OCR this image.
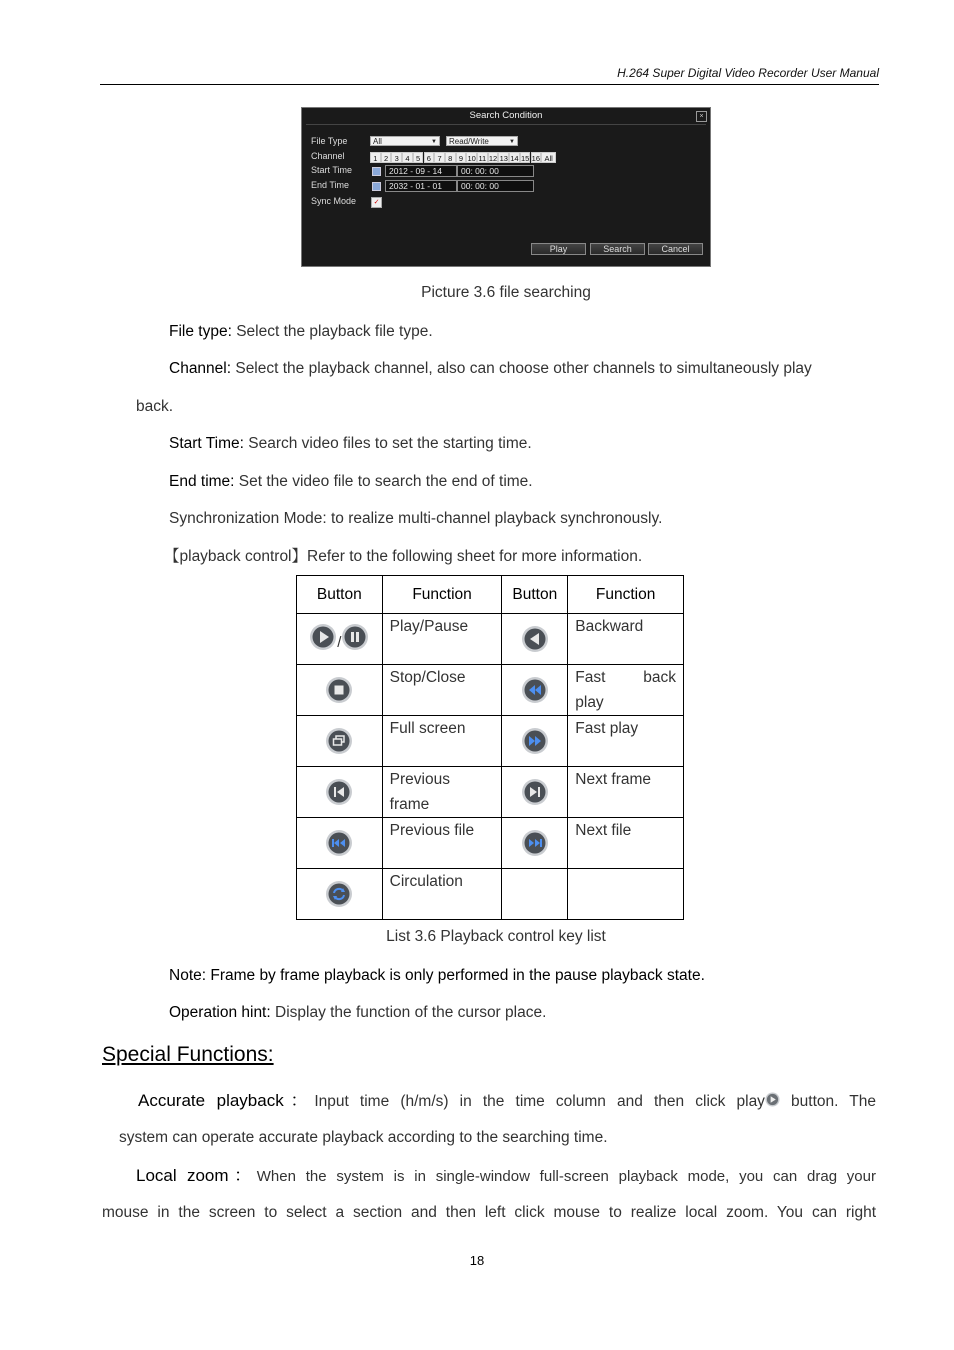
H.264 Super Digital Video Recorder User Manual
Search Condition	×
File Type	All	▼	Read/Write	▼
Channel	1 2 3 4 5 6 7 8 9 10 11 12 13 14 15 16 All
Start Time	2012 - 09 - 14	00: 00: 00
End Time	2032 - 01 - 01	00: 00: 00
Sync Mode	✓
Play	Search	Cancel
Picture 3.6 file searching
File type: Select the playback file type.
Channel: Select the playback channel, also can choose other channels to simultaneously play
back.
Start Time: Search video files to set the starting time.
End time: Set the video file to search the end of time.
Synchronization Mode: to realize multi-channel playback synchronously.
【playback control】Refer to the following sheet for more information.
Button	Function	Button	Function
/	Play/Pause		Backward
	Stop/Close		Fast back
play

	Full screen		Fast play

Previous
frame		Next frame
	Previous file		Next file
	Circulation		
List 3.6 Playback control key list
Note: Frame by frame playback is only performed in the pause playback state.
Operation hint: Display the function of the cursor place.
Special Functions:
Accurate playback：Input time (h/m/s) in the time column and then click play button. The
system can operate accurate playback according to the searching time.
Local zoom：When the system is in single-window full-screen playback mode, you can drag your
mouse in the screen to select a section and then left click mouse to realize local zoom. You can right
18
